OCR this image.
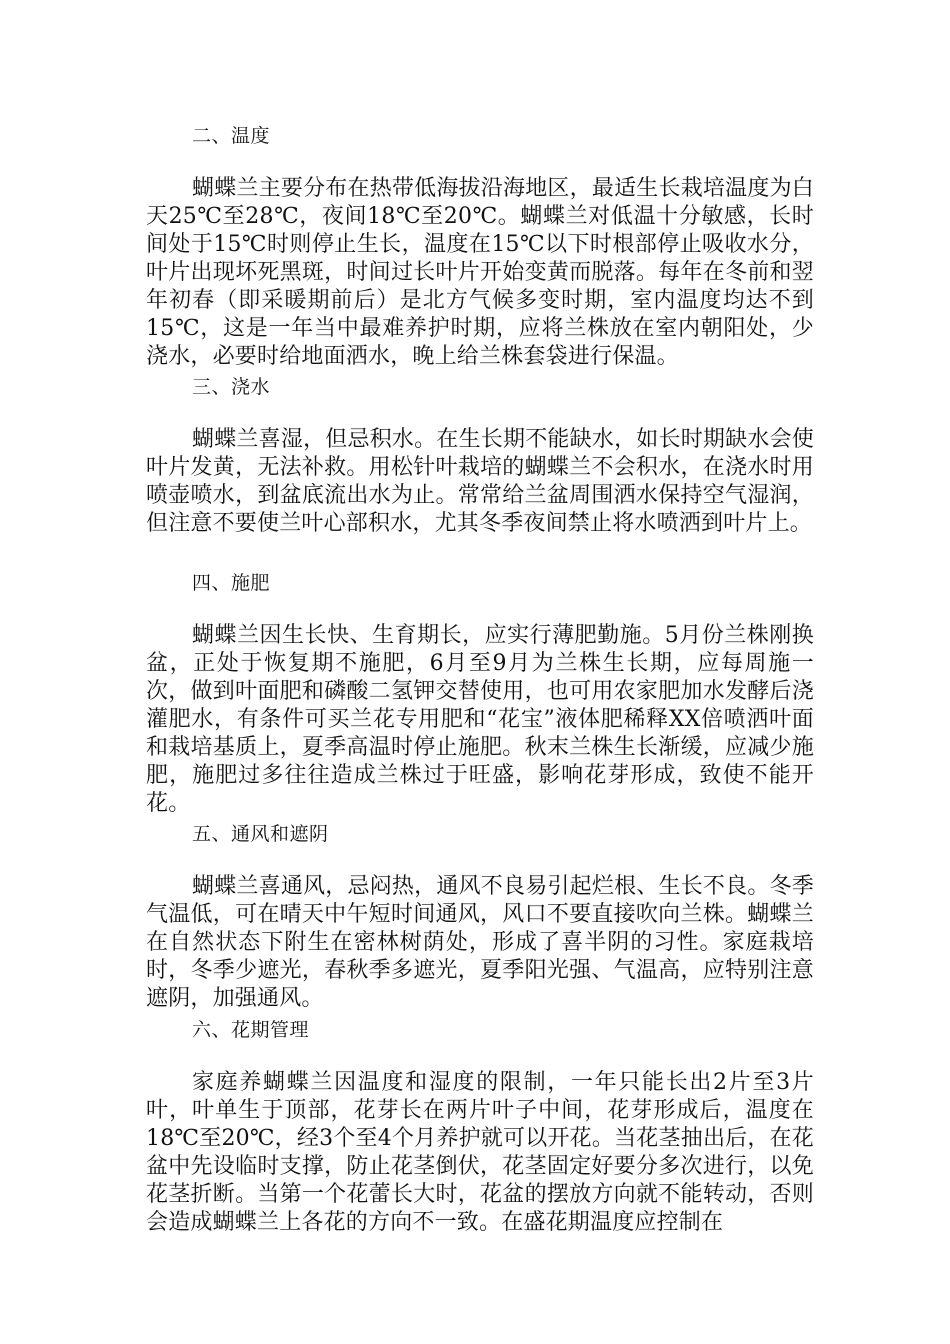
二、温度

蝴蝶兰主要分布在热带低海拔沿海地区，最适生长栽培温度为白天25℃至28℃，夜间18℃至20℃。蝴蝶兰对低温十分敏感，长时间处于15℃时则停止生长，温度在15℃以下时根部停止吸收水分，叶片出现坏死黑斑，时间过长叶片开始变黄而脱落。每年在冬前和翌年初春（即采暖期前后）是北方气候多变时期，室内温度均达不到15℃，这是一年当中最难养护时期，应将兰株放在室内朝阳处，少浇水，必要时给地面洒水，晚上给兰株套袋进行保温。

三、浇水

蝴蝶兰喜湿，但忌积水。在生长期不能缺水，如长时期缺水会使叶片发黄，无法补救。用松针叶栽培的蝴蝶兰不会积水，在浇水时用喷壶喷水，到盆底流出水为止。常常给兰盆周围洒水保持空气湿润，但注意不要使兰叶心部积水，尤其冬季夜间禁止将水喷洒到叶片上。

四、施肥

蝴蝶兰因生长快、生育期长，应实行薄肥勤施。5月份兰株刚换盆，正处于恢复期不施肥，6月至9月为兰株生长期，应每周施一次，做到叶面肥和磷酸二氢钾交替使用，也可用农家肥加水发酵后浇灌肥水，有条件可买兰花专用肥和“花宝”液体肥稀释XX倍喷洒叶面和栽培基质上，夏季高温时停止施肥。秋末兰株生长渐缓，应减少施肥，施肥过多往往造成兰株过于旺盛，影响花芽形成，致使不能开花。

五、通风和遮阴

蝴蝶兰喜通风，忌闷热，通风不良易引起烂根、生长不良。冬季气温低，可在晴天中午短时间通风，风口不要直接吹向兰株。蝴蝶兰在自然状态下附生在密林树荫处，形成了喜半阴的习性。家庭栽培时，冬季少遮光，春秋季多遮光，夏季阳光强、气温高，应特别注意遮阴，加强通风。

六、花期管理

家庭养蝴蝶兰因温度和湿度的限制，一年只能长出2片至3片叶，叶单生于顶部，花芽长在两片叶子中间，花芽形成后，温度在18℃至20℃，经3个至4个月养护就可以开花。当花茎抽出后，在花盆中先设临时支撑，防止花茎倒伏，花茎固定好要分多次进行，以免花茎折断。当第一个花蕾长大时，花盆的摆放方向就不能转动，否则会造成蝴蝶兰上各花的方向不一致。在盛花期温度应控制在
